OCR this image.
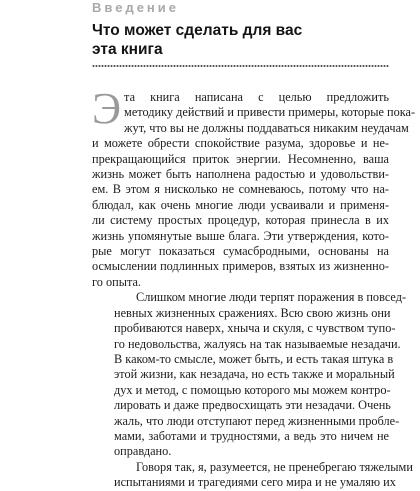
Введение

Что может сделать для вас
эта книга
Э та книга написана с целью предложить
методику действий и привести примеры, которые пока-
жут, что вы не должны поддаваться никаким неудачам
и можете обрести спокойствие разума, здоровье и не-
прекращающийся приток энергии. Несомненно, ваша
жизнь может быть наполнена радостью и удовольстви-
ем. В этом я нисколько не сомневаюсь, потому что на-
блюдал, как очень многие люди усваивали и применя-
ли систему простых процедур, которая принесла в их
жизнь упомянутые выше блага. Эти утверждения, кото-
рые могут показаться сумасбродными, основаны на
осмыслении подлинных примеров, взятых из жизненно-
го опыта.
Слишком многие люди терпят поражения в повсед-
невных жизненных сражениях. Всю свою жизнь они
пробиваются наверх, хныча и скуля, с чувством тупо-
го недовольства, жалуясь на так называемые незадачи.
В каком-то смысле, может быть, и есть такая штука в
этой жизни, как незадача, но есть также и моральный
дух и метод, с помощью которого мы можем контро-
лировать и даже предвосхищать эти незадачи. Очень
жаль, что люди отступают перед жизненными пробле-
мами, заботами и трудностями, а ведь это ничем не
оправдано.
Говоря так, я, разумеется, не пренебрегаю тяжелыми
испытаниями и трагедиями сего мира и не умаляю их
